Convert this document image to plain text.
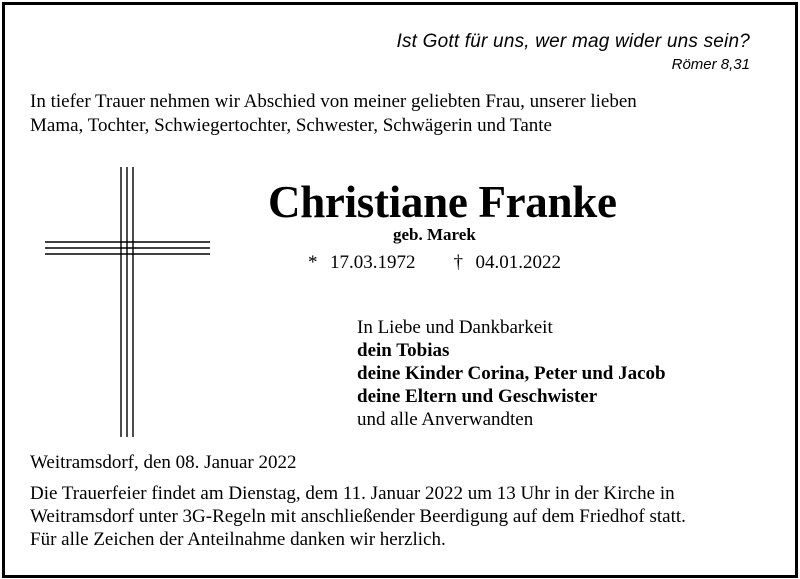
Ist Gott für uns, wer mag wider uns sein?
Römer 8,31
In tiefer Trauer nehmen wir Abschied von meiner geliebten Frau, unserer lieben
Mama, Tochter, Schwiegertochter, Schwester, Schwägerin und Tante
Christiane Franke
geb. Marek
* 17.03.1972 † 04.01.2022
In Liebe und Dankbarkeit
dein Tobias
deine Kinder Corina, Peter und Jacob
deine Eltern und Geschwister
und alle Anverwandten
Weitramsdorf, den 08. Januar 2022
Die Trauerfeier findet am Dienstag, dem 11. Januar 2022 um 13 Uhr in der Kirche in
Weitramsdorf unter 3G-Regeln mit anschließender Beerdigung auf dem Friedhof statt.
Für alle Zeichen der Anteilnahme danken wir herzlich.
